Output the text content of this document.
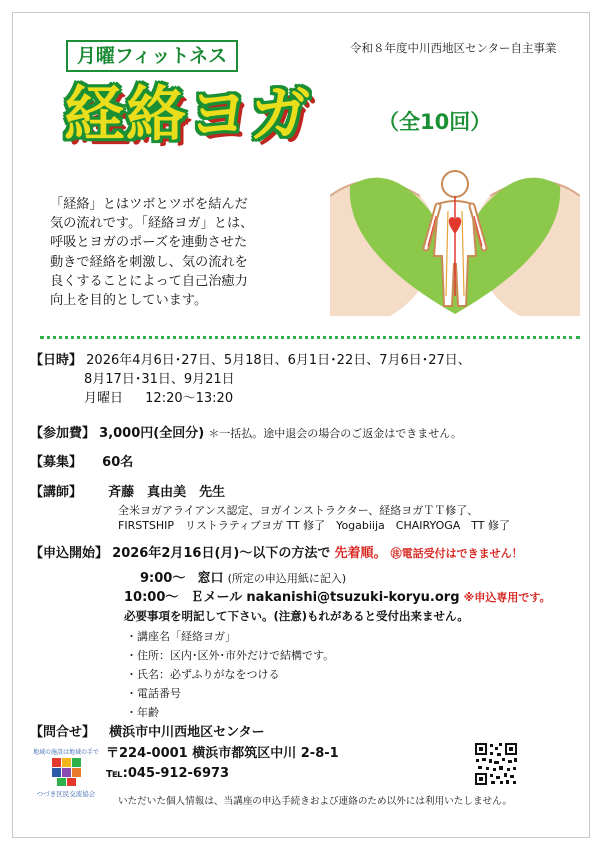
月曜フィットネス	令和８年度中川西地区センター自主事業
経絡ヨガ	（全10回）

「経絡」とはツボとツボを結んだ

気の流れです。「経絡ヨガ」とは、

呼吸とヨガのポーズを連動させた

動きで経絡を刺激し、気の流れを

良くすることによって自己治癒力

向上を目的としています。

【日時】 2026年4月6日･27日、5月18日、6月1日･22日、7月6日･27日、
8月17日･31日、9月21日
月曜日 12:20～13:20
【参加費】 3,000円(全回分) ＊一括払。途中退会の場合のご返金はできません。
【募集】 60名
【講師】 斉藤　真由美　先生
全米ヨガアライアンス認定、ヨガインストラクター、経絡ヨガＴＴ修了、
FIRSTSHIP　リストラティブヨガ TT 修了　Yogabiija　CHAIRYOGA　TT 修了
【申込開始】 2026年2月16日(月)～以下の方法で 先着順。 ㊟電話受付はできません！
9:00～ 窓口 (所定の申込用紙に記入)
10:00～ Ｅメール nakanishi@tsuzuki-koryu.org ※申込専用です。
必要事項を明記して下さい。(注意)もれがあると受付出来ません。
・講座名「経絡ヨガ」
・住所：区内･区外･市外だけで結構です。
・氏名：必ずふりがなをつける
・電話番号
・年齢
【問合せ】 横浜市中川西地区センター
〒224-0001 横浜市都筑区中川 2-8-1
℡:045-912-6973
地域の施設は地域の手で
つづき区民交流協会
いただいた個人情報は、当講座の申込手続きおよび連絡のため以外には利用いたしません。
